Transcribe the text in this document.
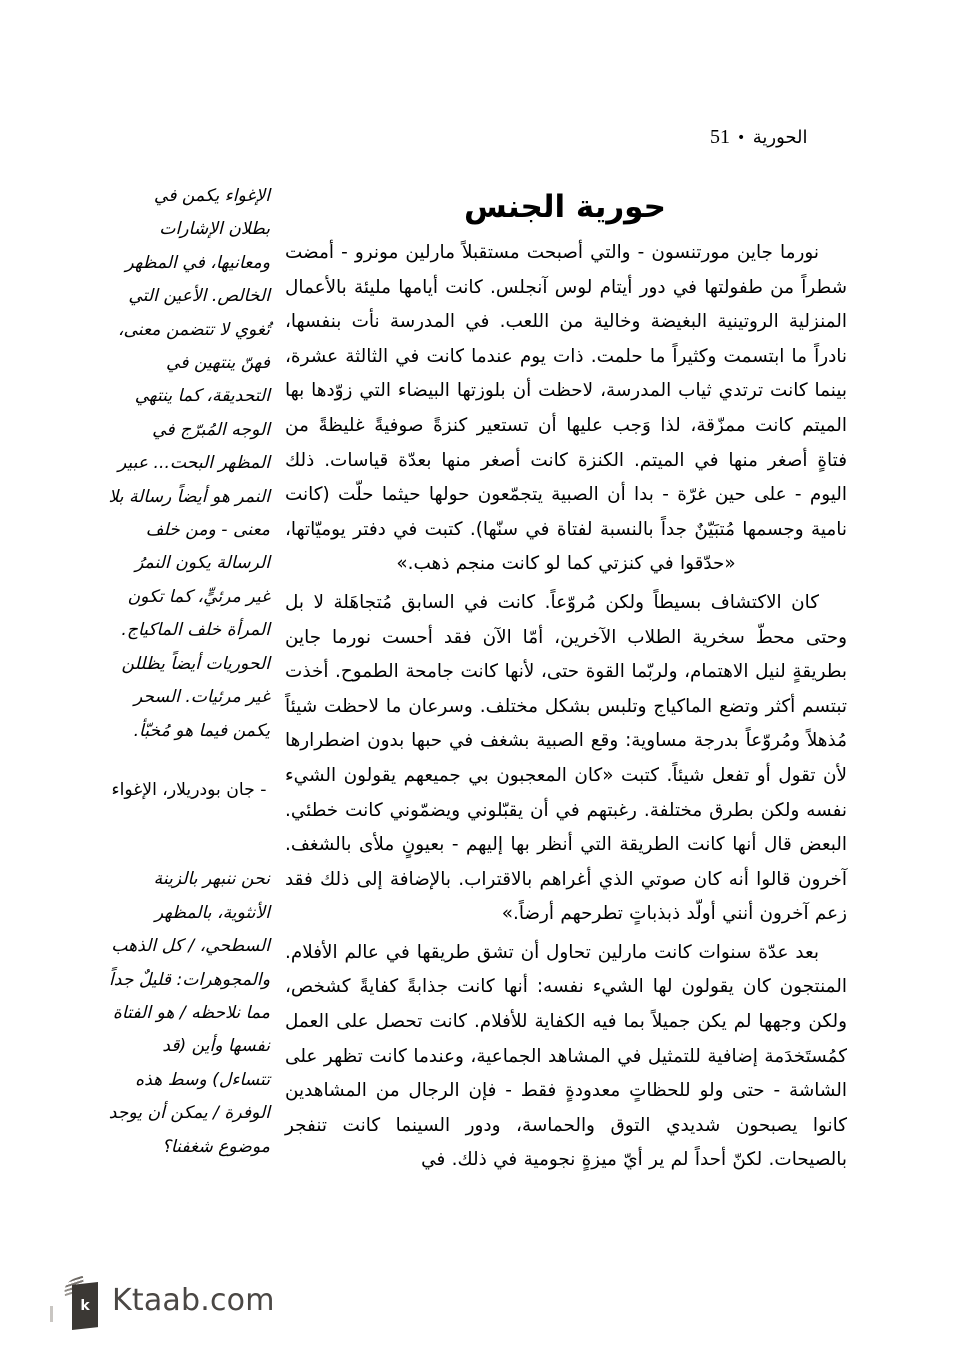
الحورية•51
حورية الجنس

الإغواء يكمن في بطلان الإشارات ومعانيها، في المظهر الخالص. الأعين التي تُغوي لا تتضمن معنى، فهنّ ينتهين في التحديقة، كما ينتهي الوجه المُبرّج في المظهر البحت... عبير النمر هو أيضاً رسالة بلا معنى - ومن خلف الرسالة يكون النمرُ غير مرئيٍّ، كما تكون المرأة خلف الماكياج. الحوريات أيضاً يظللن غير مرئيات. السحر يكمن فيما هو مُخبّأ.

- جان بودريلار، الإغواء

نحن ننبهر بالزينة الأنثوية، بالمظهر السطحي، / كل الذهب والمجوهرات: قليلٌ جداً مما نلاحظه / هو الفتاة نفسها وأين (قد تتساءل) وسط هذه الوفرة / يمكن أن يوجد موضوع شغفنا؟

نورما جاين مورتنسون - والتي أصبحت مستقبلاً مارلين مونرو - أمضت شطراً من طفولتها في دور أيتام لوس آنجلس. كانت أيامها مليئة بالأعمال المنزلية الروتينية البغيضة وخالية من اللعب. في المدرسة نأت بنفسها، نادراً ما ابتسمت وكثيراً ما حلمت. ذات يوم عندما كانت في الثالثة عشرة، بينما كانت ترتدي ثياب المدرسة، لاحظت أن بلوزتها البيضاء التي زوّدها بها الميتم كانت ممزّقة، لذا وَجب عليها أن تستعير كنزةً صوفيةً غليظةً من فتاةٍ أصغر منها في الميتم. الكنزة كانت أصغر منها بعدّة قياسات. ذلك اليوم - على حين غرّة - بدا أن الصبية يتجمّعون حولها حيثما حلّت (كانت نامية وجسمها مُتبَيّنٌ جداً بالنسبة لفتاة في سنّها). كتبت في دفتر يوميّاتها، «حدّقوا في كنزتي كما لو كانت منجم ذهب.»

كان الاكتشاف بسيطاً ولكن مُروّعاً. كانت في السابق مُتجاهَلة لا بل وحتى محطّ سخرية الطلاب الآخرين، أمّا الآن فقد أحست نورما جاين بطريقةٍ لنيل الاهتمام، ولربّما القوة حتى، لأنها كانت جامحة الطموح. أخذت تبتسم أكثر وتضع الماكياج وتلبس بشكل مختلف. وسرعان ما لاحظت شيئاً مُذهلاً ومُروّعاً بدرجة مساوية: وقع الصبية بشغف في حبها بدون اضطرارها لأن تقول أو تفعل شيئاً. كتبت «كان المعجبون بي جميعهم يقولون الشيء نفسه ولكن بطرق مختلفة. رغبتهم في أن يقبّلوني ويضمّوني كانت خطئي. البعض قال أنها كانت الطريقة التي أنظر بها إليهم - بعيونٍ ملأى بالشغف. آخرون قالوا أنه كان صوتي الذي أغراهم بالاقتراب. بالإضافة إلى ذلك فقد زعم آخرون أنني أولّد ذبذباتٍ تطرحهم أرضاً.»

بعد عدّة سنوات كانت مارلين تحاول أن تشق طريقها في عالم الأفلام. المنتجون كان يقولون لها الشيء نفسه: أنها كانت جذابةً كفايةً كشخص، ولكن وجهها لم يكن جميلاً بما فيه الكفاية للأفلام. كانت تحصل على العمل كمُستَخدَمة إضافية للتمثيل في المشاهد الجماعية، وعندما كانت تظهر على الشاشة - حتى ولو للحظاتٍ معدودةٍ فقط - فإن الرجال من المشاهدين كانوا يصبحون شديدي التوق والحماسة، ودور السينما كانت تنفجر بالصيحات. لكنّ أحداً لم ير أيّ ميزةٍ نجومية في ذلك. في

k Ktaab.com
